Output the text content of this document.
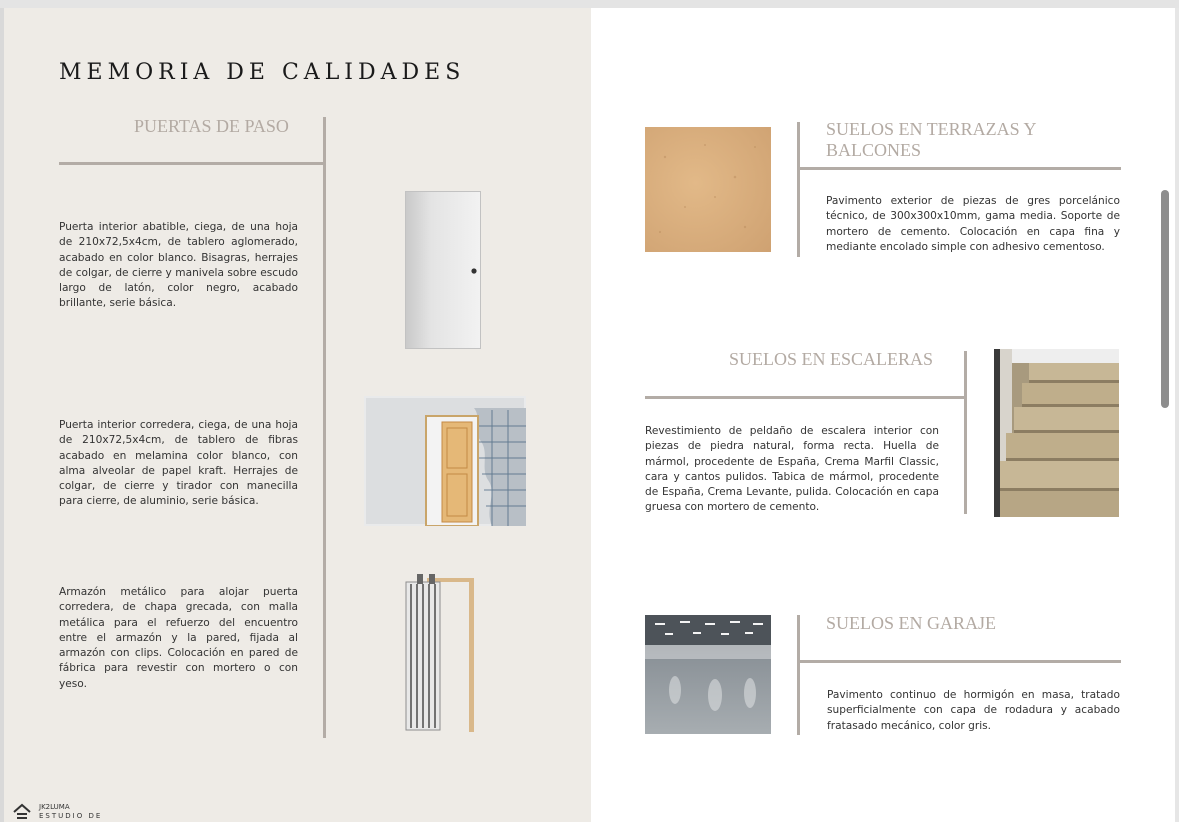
MEMORIA DE CALIDADES
PUERTAS DE PASO
Puerta interior abatible, ciega, de una hoja de 210x72,5x4cm, de tablero aglomerado, acabado en color blanco. Bisagras, herrajes de colgar, de cierre y manivela sobre escudo largo de latón, color negro, acabado brillante, serie básica.
Puerta interior corredera, ciega, de una hoja de 210x72,5x4cm, de tablero de fibras acabado en melamina color blanco, con alma alveolar de papel kraft. Herrajes de colgar, de cierre y tirador con manecilla para cierre, de aluminio, serie básica.
Armazón metálico para alojar puerta corredera, de chapa grecada, con malla metálica para el refuerzo del encuentro entre el armazón y la pared, fijada al armazón con clips. Colocación en pared de fábrica para revestir con mortero o con yeso.
JK2LUMA
ESTUDIO DE
SUELOS EN TERRAZAS Y
BALCONES
Pavimento exterior de piezas de gres porcelánico técnico, de 300x300x10mm, gama media. Soporte de mortero de cemento. Colocación en capa fina y mediante encolado simple con adhesivo cementoso.
SUELOS EN ESCALERAS
Revestimiento de peldaño de escalera interior con piezas de piedra natural, forma recta. Huella de mármol, procedente de España, Crema Marfil Classic, cara y cantos pulidos. Tabica de mármol, procedente de España, Crema Levante, pulida. Colocación en capa gruesa con mortero de cemento.
SUELOS EN GARAJE
Pavimento continuo de hormigón en masa, tratado superficialmente con capa de rodadura y acabado fratasado mecánico, color gris.
